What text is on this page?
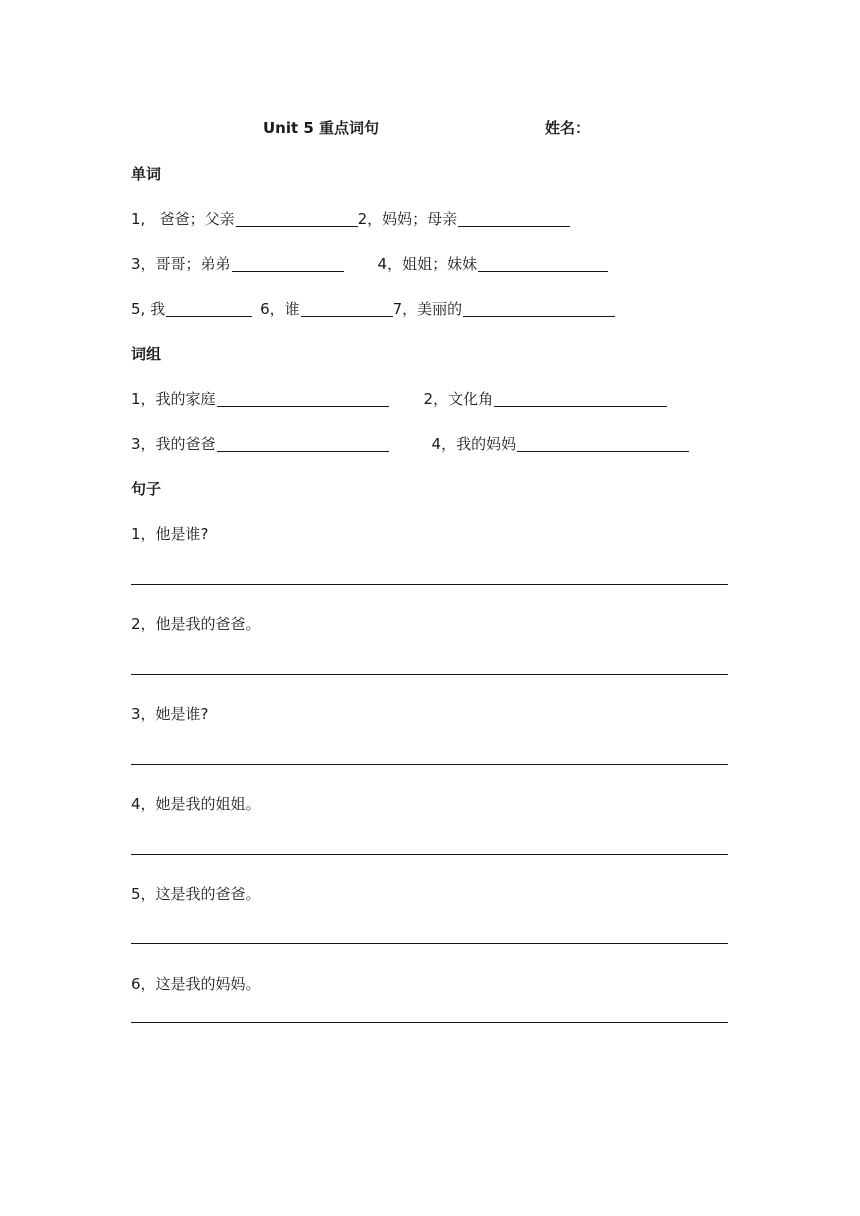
Unit 5 重点词句	姓名：
单词
1,   爸爸；父亲	2，妈妈；母亲
3，哥哥；弟弟	4，姐姐；妹妹
5, 我	6，谁	7，美丽的
词组
1，我的家庭	2，文化角
3，我的爸爸	4，我的妈妈
句子
1，他是谁?
2，他是我的爸爸。
3，她是谁?
4，她是我的姐姐。
5，这是我的爸爸。
6，这是我的妈妈。
